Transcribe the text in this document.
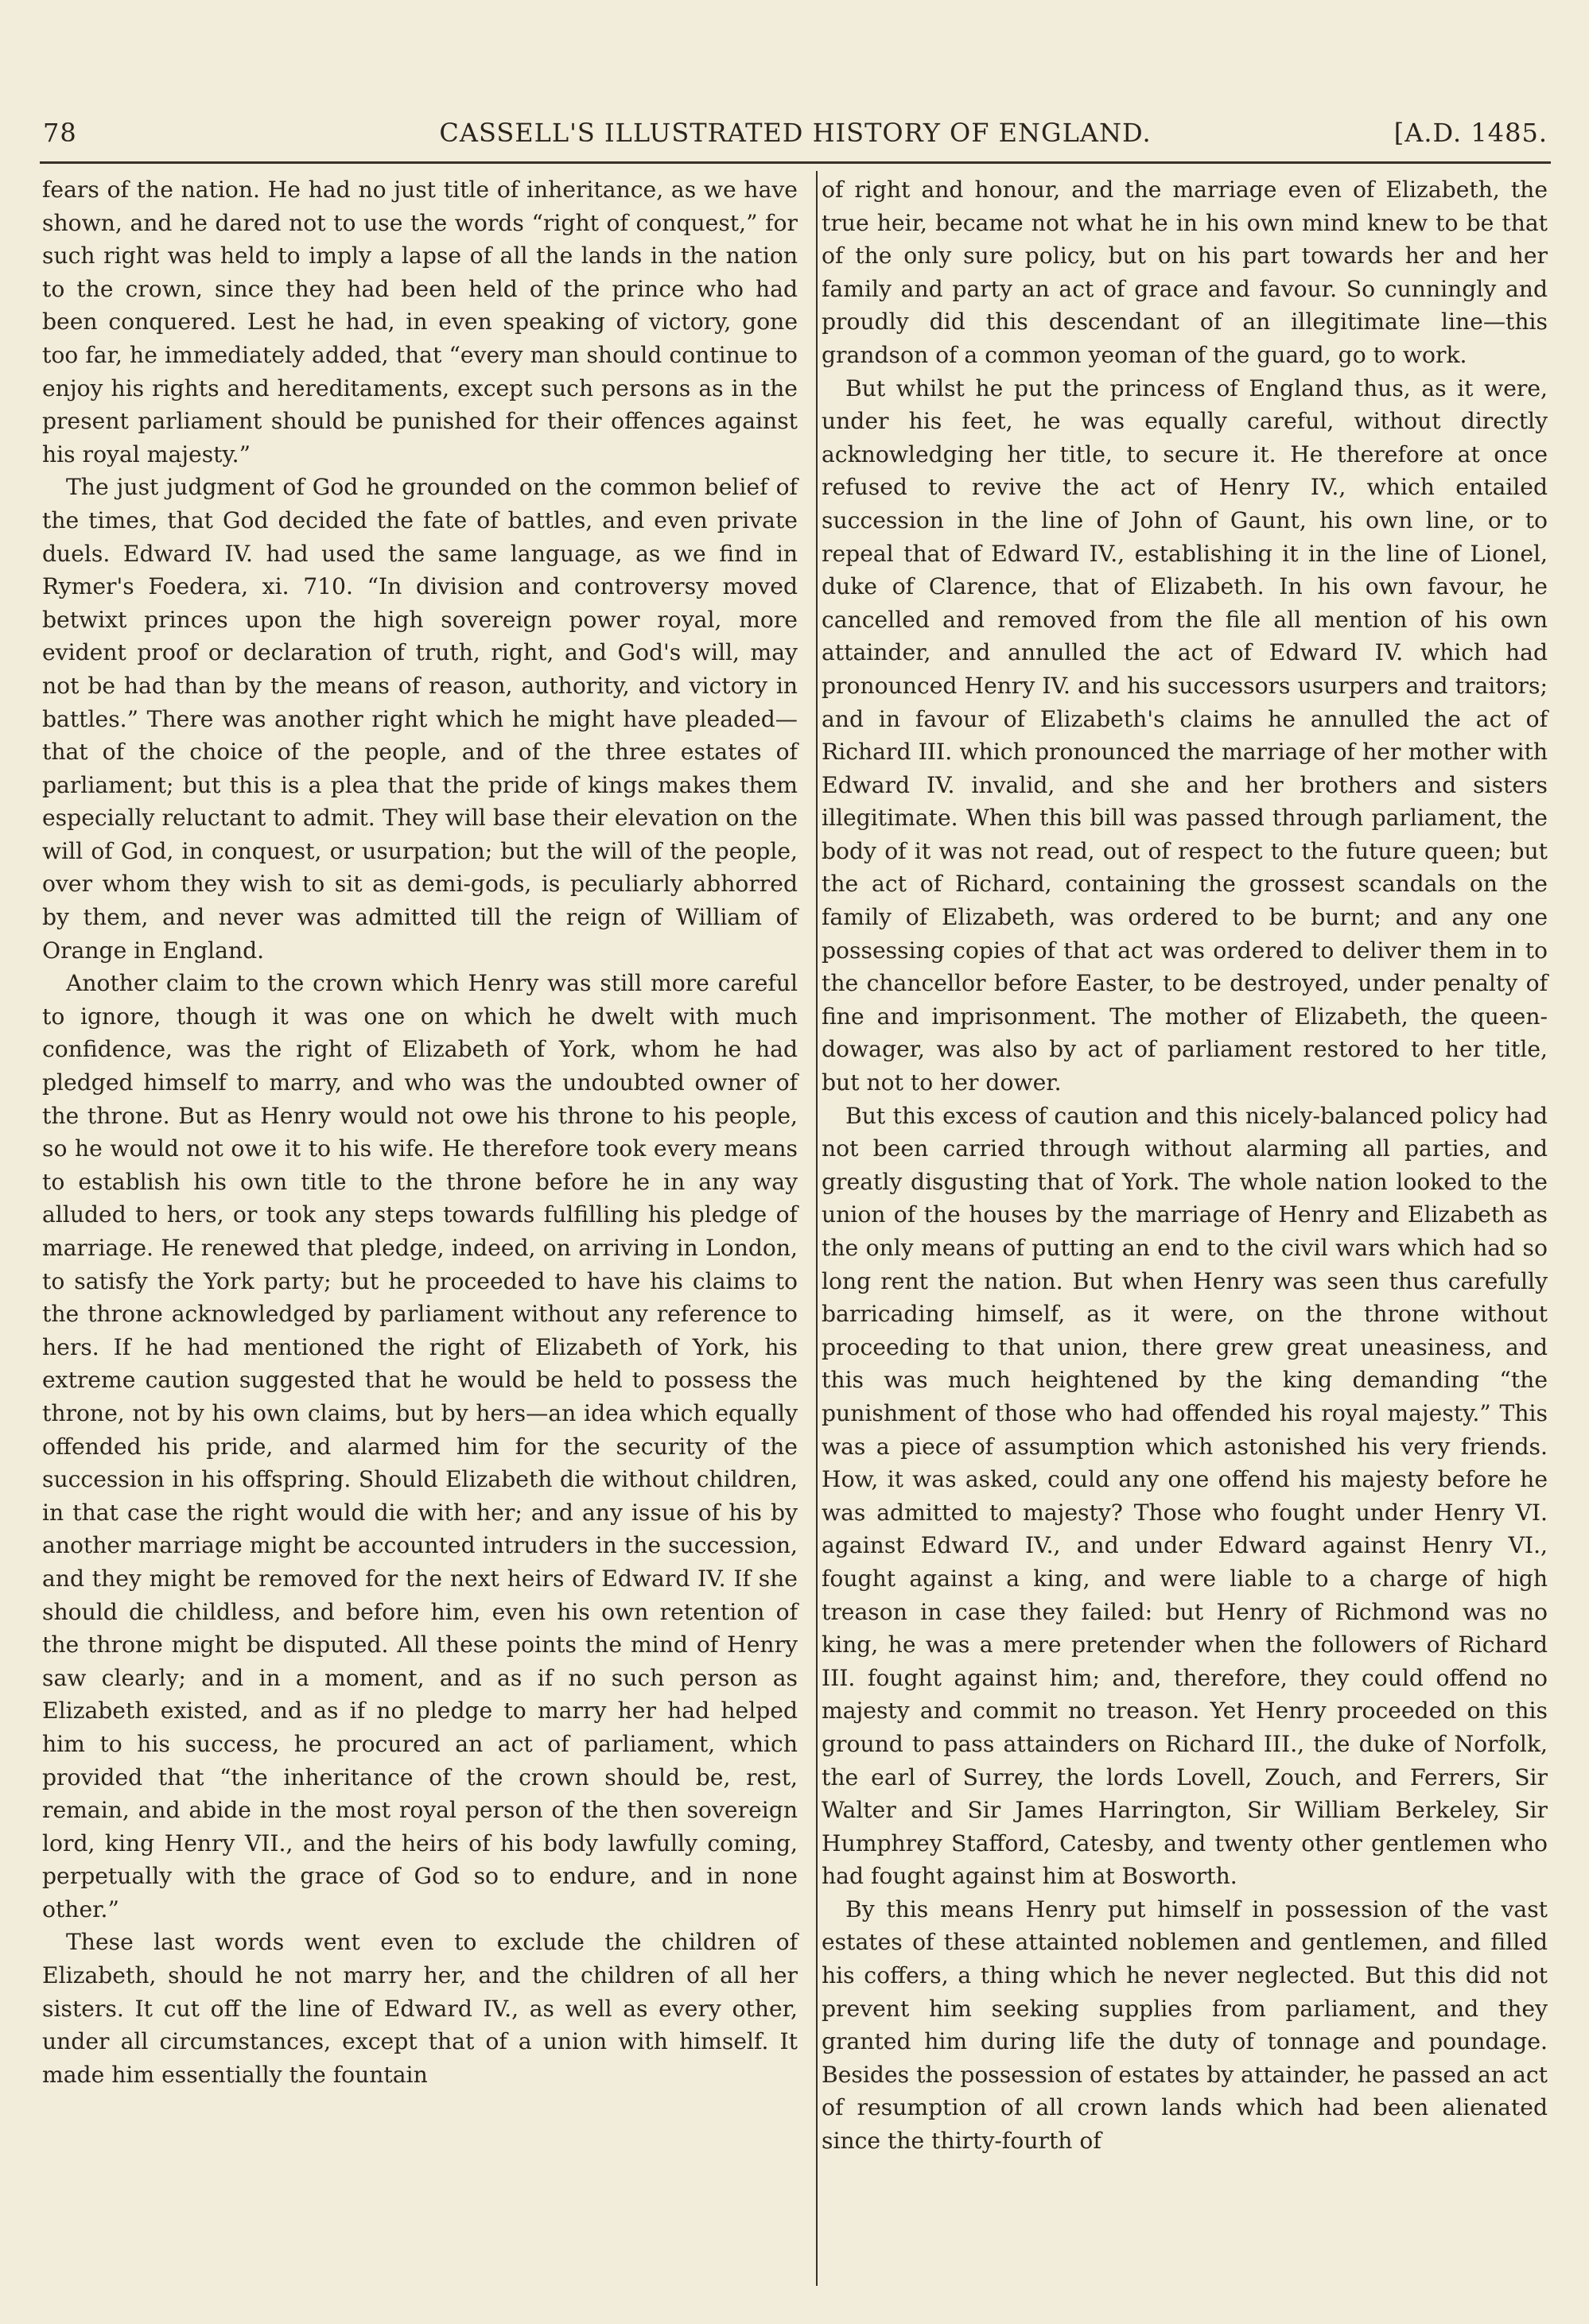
78	CASSELL'S ILLUSTRATED HISTORY OF ENGLAND.	[A.D. 1485.

fears of the nation. He had no just title of inheritance, as we have shown, and he dared not to use the words “right of conquest,” for such right was held to imply a lapse of all the lands in the nation to the crown, since they had been held of the prince who had been conquered. Lest he had, in even speaking of victory, gone too far, he immediately added, that “every man should continue to enjoy his rights and hereditaments, except such persons as in the present parliament should be punished for their offences against his royal majesty.”

The just judgment of God he grounded on the common belief of the times, that God decided the fate of battles, and even private duels. Edward IV. had used the same language, as we find in Rymer's Foedera, xi. 710. “In division and controversy moved betwixt princes upon the high sovereign power royal, more evident proof or declaration of truth, right, and God's will, may not be had than by the means of reason, authority, and victory in battles.” There was another right which he might have pleaded—that of the choice of the people, and of the three estates of parliament; but this is a plea that the pride of kings makes them especially reluctant to admit. They will base their elevation on the will of God, in conquest, or usurpation; but the will of the people, over whom they wish to sit as demi-gods, is peculiarly abhorred by them, and never was admitted till the reign of William of Orange in England.

Another claim to the crown which Henry was still more careful to ignore, though it was one on which he dwelt with much confidence, was the right of Elizabeth of York, whom he had pledged himself to marry, and who was the undoubted owner of the throne. But as Henry would not owe his throne to his people, so he would not owe it to his wife. He therefore took every means to establish his own title to the throne before he in any way alluded to hers, or took any steps towards fulfilling his pledge of marriage. He renewed that pledge, indeed, on arriving in London, to satisfy the York party; but he proceeded to have his claims to the throne acknowledged by parliament without any reference to hers. If he had mentioned the right of Elizabeth of York, his extreme caution suggested that he would be held to possess the throne, not by his own claims, but by hers—an idea which equally offended his pride, and alarmed him for the security of the succession in his offspring. Should Elizabeth die without children, in that case the right would die with her; and any issue of his by another marriage might be accounted intruders in the succession, and they might be removed for the next heirs of Edward IV. If she should die childless, and before him, even his own retention of the throne might be disputed. All these points the mind of Henry saw clearly; and in a moment, and as if no such person as Elizabeth existed, and as if no pledge to marry her had helped him to his success, he procured an act of parliament, which provided that “the inheritance of the crown should be, rest, remain, and abide in the most royal person of the then sovereign lord, king Henry VII., and the heirs of his body lawfully coming, perpetually with the grace of God so to endure, and in none other.”

These last words went even to exclude the children of Elizabeth, should he not marry her, and the children of all her sisters. It cut off the line of Edward IV., as well as every other, under all circumstances, except that of a union with himself. It made him essentially the fountain

of right and honour, and the marriage even of Elizabeth, the true heir, became not what he in his own mind knew to be that of the only sure policy, but on his part towards her and her family and party an act of grace and favour. So cunningly and proudly did this descendant of an illegitimate line—this grandson of a common yeoman of the guard, go to work.

But whilst he put the princess of England thus, as it were, under his feet, he was equally careful, without directly acknowledging her title, to secure it. He therefore at once refused to revive the act of Henry IV., which entailed succession in the line of John of Gaunt, his own line, or to repeal that of Edward IV., establishing it in the line of Lionel, duke of Clarence, that of Elizabeth. In his own favour, he cancelled and removed from the file all mention of his own attainder, and annulled the act of Edward IV. which had pronounced Henry IV. and his successors usurpers and traitors; and in favour of Elizabeth's claims he annulled the act of Richard III. which pronounced the marriage of her mother with Edward IV. invalid, and she and her brothers and sisters illegitimate. When this bill was passed through parliament, the body of it was not read, out of respect to the future queen; but the act of Richard, containing the grossest scandals on the family of Elizabeth, was ordered to be burnt; and any one possessing copies of that act was ordered to deliver them in to the chancellor before Easter, to be destroyed, under penalty of fine and imprisonment. The mother of Elizabeth, the queen-dowager, was also by act of parliament restored to her title, but not to her dower.

But this excess of caution and this nicely-balanced policy had not been carried through without alarming all parties, and greatly disgusting that of York. The whole nation looked to the union of the houses by the marriage of Henry and Elizabeth as the only means of putting an end to the civil wars which had so long rent the nation. But when Henry was seen thus carefully barricading himself, as it were, on the throne without proceeding to that union, there grew great uneasiness, and this was much heightened by the king demanding “the punishment of those who had offended his royal majesty.” This was a piece of assumption which astonished his very friends. How, it was asked, could any one offend his majesty before he was admitted to majesty? Those who fought under Henry VI. against Edward IV., and under Edward against Henry VI., fought against a king, and were liable to a charge of high treason in case they failed: but Henry of Richmond was no king, he was a mere pretender when the followers of Richard III. fought against him; and, therefore, they could offend no majesty and commit no treason. Yet Henry proceeded on this ground to pass attainders on Richard III., the duke of Norfolk, the earl of Surrey, the lords Lovell, Zouch, and Ferrers, Sir Walter and Sir James Harrington, Sir William Berkeley, Sir Humphrey Stafford, Catesby, and twenty other gentlemen who had fought against him at Bosworth.

By this means Henry put himself in possession of the vast estates of these attainted noblemen and gentlemen, and filled his coffers, a thing which he never neglected. But this did not prevent him seeking supplies from parliament, and they granted him during life the duty of tonnage and poundage. Besides the possession of estates by attainder, he passed an act of resumption of all crown lands which had been alienated since the thirty-fourth of
